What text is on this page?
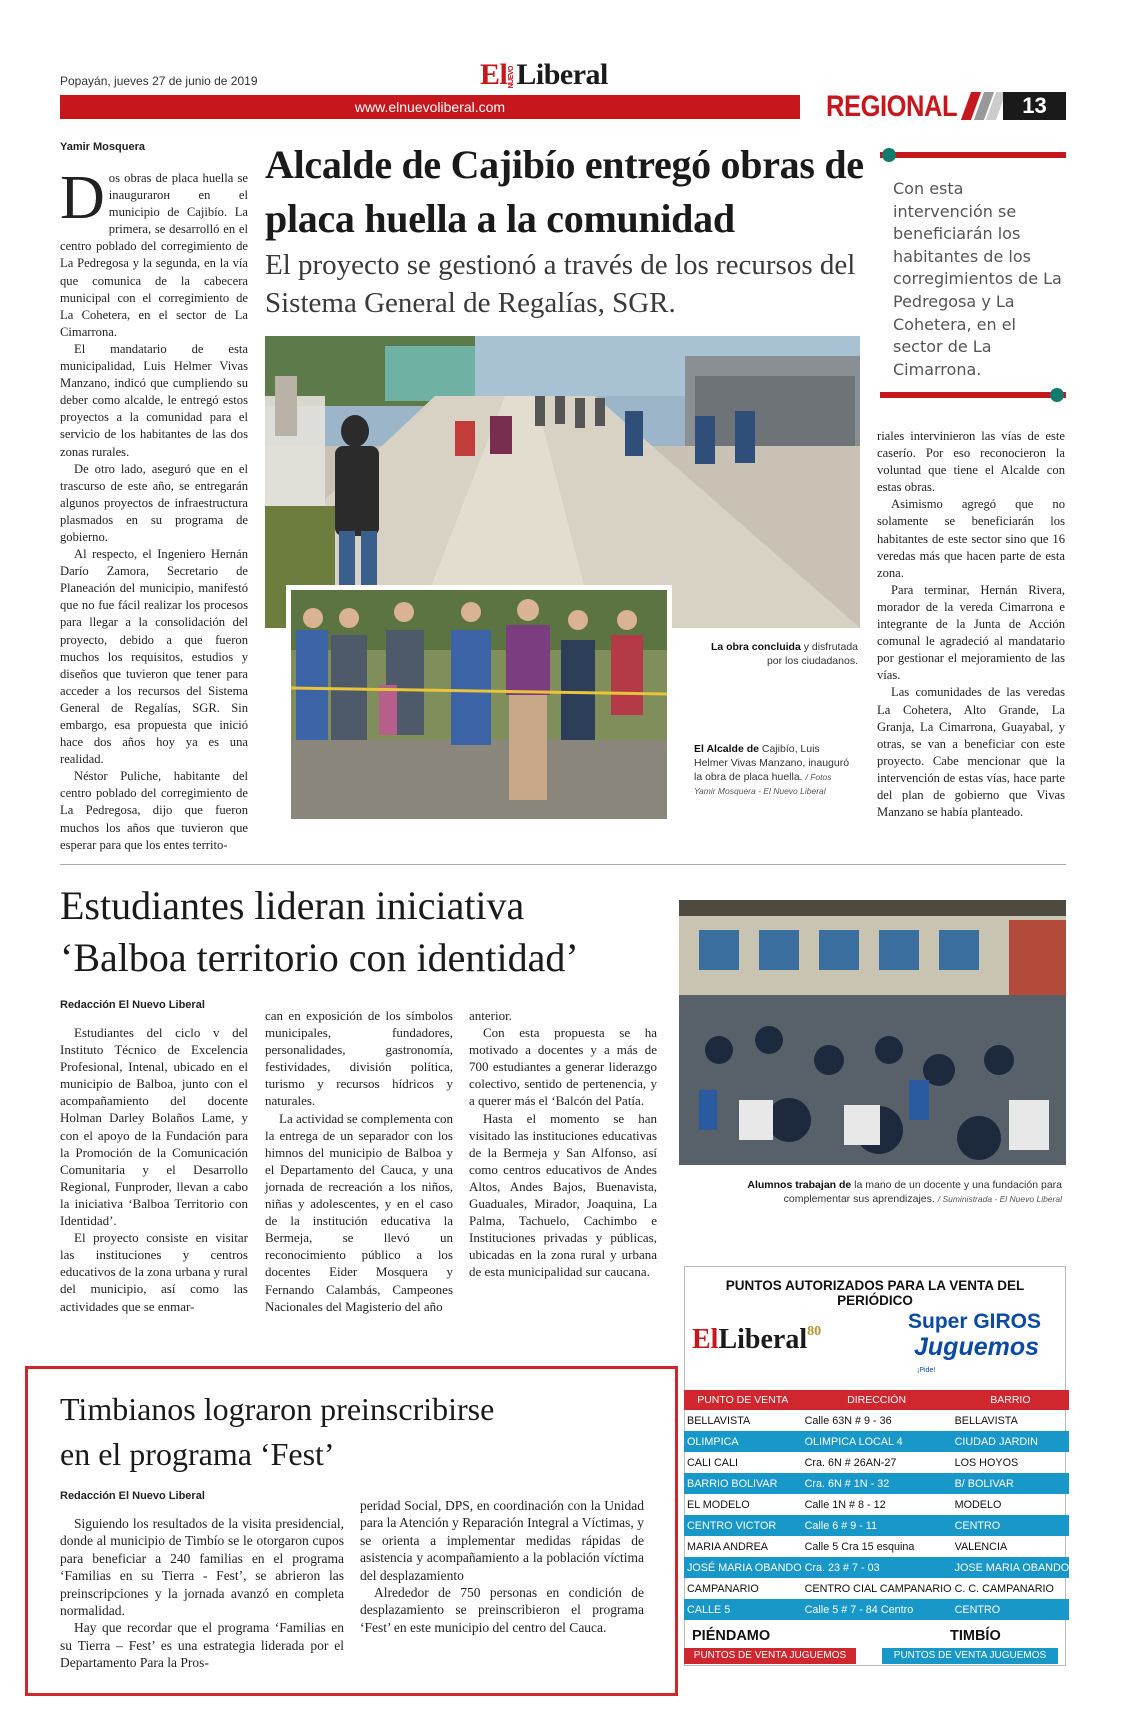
Popayán, jueves 27 de junio de 2019	ElNUEVOLiberal
www.elnuevoliberal.com	REGIONAL	13
Yamir Mosquera

Dos obras de placa huella se inaugurarон en el municipio de Cajibío. La primera, se desarrolló en el centro poblado del corregimiento de La Pedregosa y la segunda, en la vía que comunica de la cabecera municipal con el corregimiento de La Cohetera, en el sector de La Cimarrona.

El mandatario de esta municipalidad, Luis Helmer Vivas Manzano, indicó que cumpliendo su deber como alcalde, le entregó estos proyectos a la comunidad para el servicio de los habitantes de las dos zonas rurales.

De otro lado, aseguró que en el trascurso de este año, se entregarán algunos proyectos de infraestructura plasmados en su programa de gobierno.

Al respecto, el Ingeniero Hernán Darío Zamora, Secretario de Planeación del municipio, manifestó que no fue fácil realizar los procesos para llegar a la consolidación del proyecto, debido a que fueron muchos los requisitos, estudios y diseños que tuvieron que tener para acceder a los recursos del Sistema General de Regalías, SGR. Sin embargo, esa propuesta que inició hace dos años hoy ya es una realidad.

Néstor Puliche, habitante del centro poblado del corregimiento de La Pedregosa, dijo que fueron muchos los años que tuvieron que esperar para que los entes territo-

Alcalde de Cajibío entregó obras de placa huella a la comunidad
El proyecto se gestionó a través de los recursos del Sistema General de Regalías, SGR.
Con esta intervención se beneficiarán los habitantes de los corregimientos de La Pedregosa y La Cohetera, en el sector de La Cimarrona.
La obra concluida y disfrutada por los ciudadanos.
El Alcalde de Cajibío, Luis Helmer Vivas Manzano, inauguró la obra de placa huella. / Fotos Yamir Mosquera - El Nuevo Liberal

riales intervinieron las vías de este caserío. Por eso reconocieron la voluntad que tiene el Alcalde con estas obras.

Asimismo agregó que no solamente se beneficiarán los habitantes de este sector sino que 16 veredas más que hacen parte de esta zona.

Para terminar, Hernán Rivera, morador de la vereda Cimarrona e integrante de la Junta de Acción comunal le agradeció al mandatario por gestionar el mejoramiento de las vías.

Las comunidades de las veredas La Cohetera, Alto Grande, La Granja, La Cimarrona, Guayabal, y otras, se van a beneficiar con este proyecto. Cabe mencionar que la intervención de estas vías, hace parte del plan de gobierno que Vivas Manzano se había planteado.

Estudiantes lideran iniciativa
‘Balboa territorio con identidad’
Redacción El Nuevo Liberal

Estudiantes del ciclo v del Instituto Técnico de Excelencia Profesional, Intenal, ubicado en el municipio de Balboa, junto con el acompañamiento del docente Holman Darley Bolaños Lame, y con el apoyo de la Fundación para la Promoción de la Comunicación Comunitaria y el Desarrollo Regional, Funproder, llevan a cabo la iniciativa ‘Balboa Territorio con Identidad’.

El proyecto consiste en visitar las instituciones y centros educativos de la zona urbana y rural del municipio, así como las actividades que se enmar-

can en exposición de los símbolos municipales, fundadores, personalidades, gastronomía, festividades, división política, turismo y recursos hídricos y naturales.

La actividad se complementa con la entrega de un separador con los himnos del municipio de Balboa y el Departamento del Cauca, y una jornada de recreación a los niños, niñas y adolescentes, y en el caso de la institución educativa la Bermeja, se llevó un reconocimiento público a los docentes Eider Mosquera y Fernando Calambás, Campeones Nacionales del Magisterio del año

anterior.

Con esta propuesta se ha motivado a docentes y a más de 700 estudiantes a generar liderazgo colectivo, sentido de pertenencia, y a querer más el ‘Balcón del Patía.

Hasta el momento se han visitado las instituciones educativas de la Bermeja y San Alfonso, así como centros educativos de Andes Altos, Andes Bajos, Buenavista, Guaduales, Mirador, Joaquina, La Palma, Tachuelo, Cachimbo e Instituciones privadas y públicas, ubicadas en la zona rural y urbana de esta municipalidad sur caucana.

Alumnos trabajan de la mano de un docente y una fundación para complementar sus aprendizajes. / Suministrada - El Nuevo Liberal
Timbianos lograron preinscribirse
en el programa ‘Fest’
Redacción El Nuevo Liberal

Siguiendo los resultados de la visita presidencial, donde al municipio de Timbío se le otorgaron cupos para beneficiar a 240 familias en el programa ‘Familias en su Tierra - Fest’, se abrieron las preinscripciones y la jornada avanzó en completa normalidad.

Hay que recordar que el programa ‘Familias en su Tierra – Fest’ es una estrategia liderada por el Departamento Para la Pros-

peridad Social, DPS, en coordinación con la Unidad para la Atención y Reparación Integral a Víctimas, y se orienta a implementar medidas rápidas de asistencia y acompañamiento a la población víctima del desplazamiento

Alrededor de 750 personas en condición de desplazamiento se preinscribieron el programa ‘Fest’ en este municipio del centro del Cauca.

PUNTOS AUTORIZADOS PARA LA VENTA DEL PERIÓDICO
ElLiberal$^{80}$	Super GIROS
Juguemos
¡Pide!
PUNTO DE VENTA	DIRECCIÓN	BARRIO
BELLAVISTA	Calle 63N # 9 - 36	BELLAVISTA
OLIMPICA	OLIMPICA LOCAL 4	CIUDAD JARDIN
CALI CALI	Cra. 6N # 26AN-27	LOS HOYOS
BARRIO BOLIVAR	Cra. 6N # 1N - 32	B/ BOLIVAR
EL MODELO	Calle 1N # 8 - 12	MODELO
CENTRO VICTOR	Calle 6 # 9 - 11	CENTRO
MARIA ANDREA	Calle 5 Cra 15 esquina	VALENCIA
JOSÉ MARIA OBANDO	Cra. 23 # 7 - 03	JOSE MARIA OBANDO
CAMPANARIO	CENTRO CIAL CAMPANARIO	C. C. CAMPANARIO
CALLE 5	Calle 5 # 7 - 84 Centro	CENTRO
PIÉNDAMO	TIMBÍO
PUNTOS DE VENTA JUGUEMOS	PUNTOS DE VENTA JUGUEMOS
